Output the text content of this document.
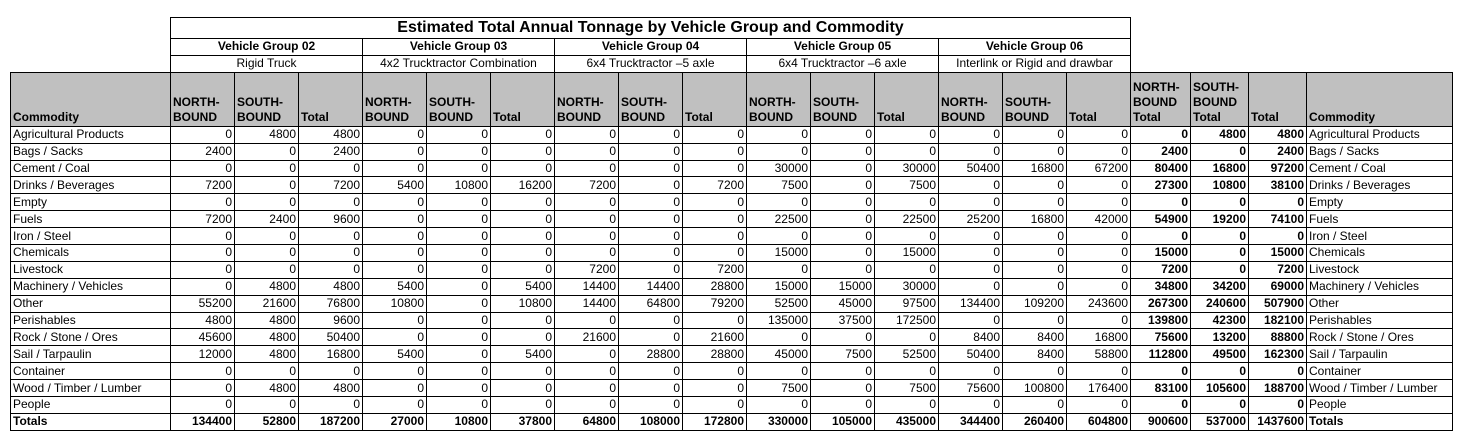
	Estimated Total Annual Tonnage by Vehicle Group and Commodity																		
	Vehicle Group 02			Vehicle Group 03			Vehicle Group 04			Vehicle Group 05			Vehicle Group 06						
	Rigid Truck			4x2 Trucktractor Combination			6x4 Trucktractor –5 axle			6x4 Trucktractor –6 axle			Interlink or Rigid and drawbar						
Commodity	NORTH-BOUND	SOUTH-BOUND	Total	NORTH-BOUND	SOUTH-BOUND	Total	NORTH-BOUND	SOUTH-BOUND	Total	NORTH-BOUND	SOUTH-BOUND	Total	NORTH-BOUND	SOUTH-BOUND	Total	NORTH-BOUND Total	SOUTH-BOUND Total	Total	Commodity
Agricultural Products	0	4800	4800	0	0	0	0	0	0	0	0	0	0	0	0	0	4800	4800	Agricultural Products
Bags / Sacks	2400	0	2400	0	0	0	0	0	0	0	0	0	0	0	0	2400	0	2400	Bags / Sacks
Cement / Coal	0	0	0	0	0	0	0	0	0	30000	0	30000	50400	16800	67200	80400	16800	97200	Cement / Coal
Drinks / Beverages	7200	0	7200	5400	10800	16200	7200	0	7200	7500	0	7500	0	0	0	27300	10800	38100	Drinks / Beverages
Empty	0	0	0	0	0	0	0	0	0	0	0	0	0	0	0	0	0	0	Empty
Fuels	7200	2400	9600	0	0	0	0	0	0	22500	0	22500	25200	16800	42000	54900	19200	74100	Fuels
Iron / Steel	0	0	0	0	0	0	0	0	0	0	0	0	0	0	0	0	0	0	Iron / Steel
Chemicals	0	0	0	0	0	0	0	0	0	15000	0	15000	0	0	0	15000	0	15000	Chemicals
Livestock	0	0	0	0	0	0	7200	0	7200	0	0	0	0	0	0	7200	0	7200	Livestock
Machinery / Vehicles	0	4800	4800	5400	0	5400	14400	14400	28800	15000	15000	30000	0	0	0	34800	34200	69000	Machinery / Vehicles
Other	55200	21600	76800	10800	0	10800	14400	64800	79200	52500	45000	97500	134400	109200	243600	267300	240600	507900	Other
Perishables	4800	4800	9600	0	0	0	0	0	0	135000	37500	172500	0	0	0	139800	42300	182100	Perishables
Rock / Stone / Ores	45600	4800	50400	0	0	0	21600	0	21600	0	0	0	8400	8400	16800	75600	13200	88800	Rock / Stone / Ores
Sail / Tarpaulin	12000	4800	16800	5400	0	5400	0	28800	28800	45000	7500	52500	50400	8400	58800	112800	49500	162300	Sail / Tarpaulin
Container	0	0	0	0	0	0	0	0	0	0	0	0	0	0	0	0	0	0	Container
Wood / Timber / Lumber	0	4800	4800	0	0	0	0	0	0	7500	0	7500	75600	100800	176400	83100	105600	188700	Wood / Timber / Lumber
People	0	0	0	0	0	0	0	0	0	0	0	0	0	0	0	0	0	0	People
Totals	134400	52800	187200	27000	10800	37800	64800	108000	172800	330000	105000	435000	344400	260400	604800	900600	537000	1437600	Totals
